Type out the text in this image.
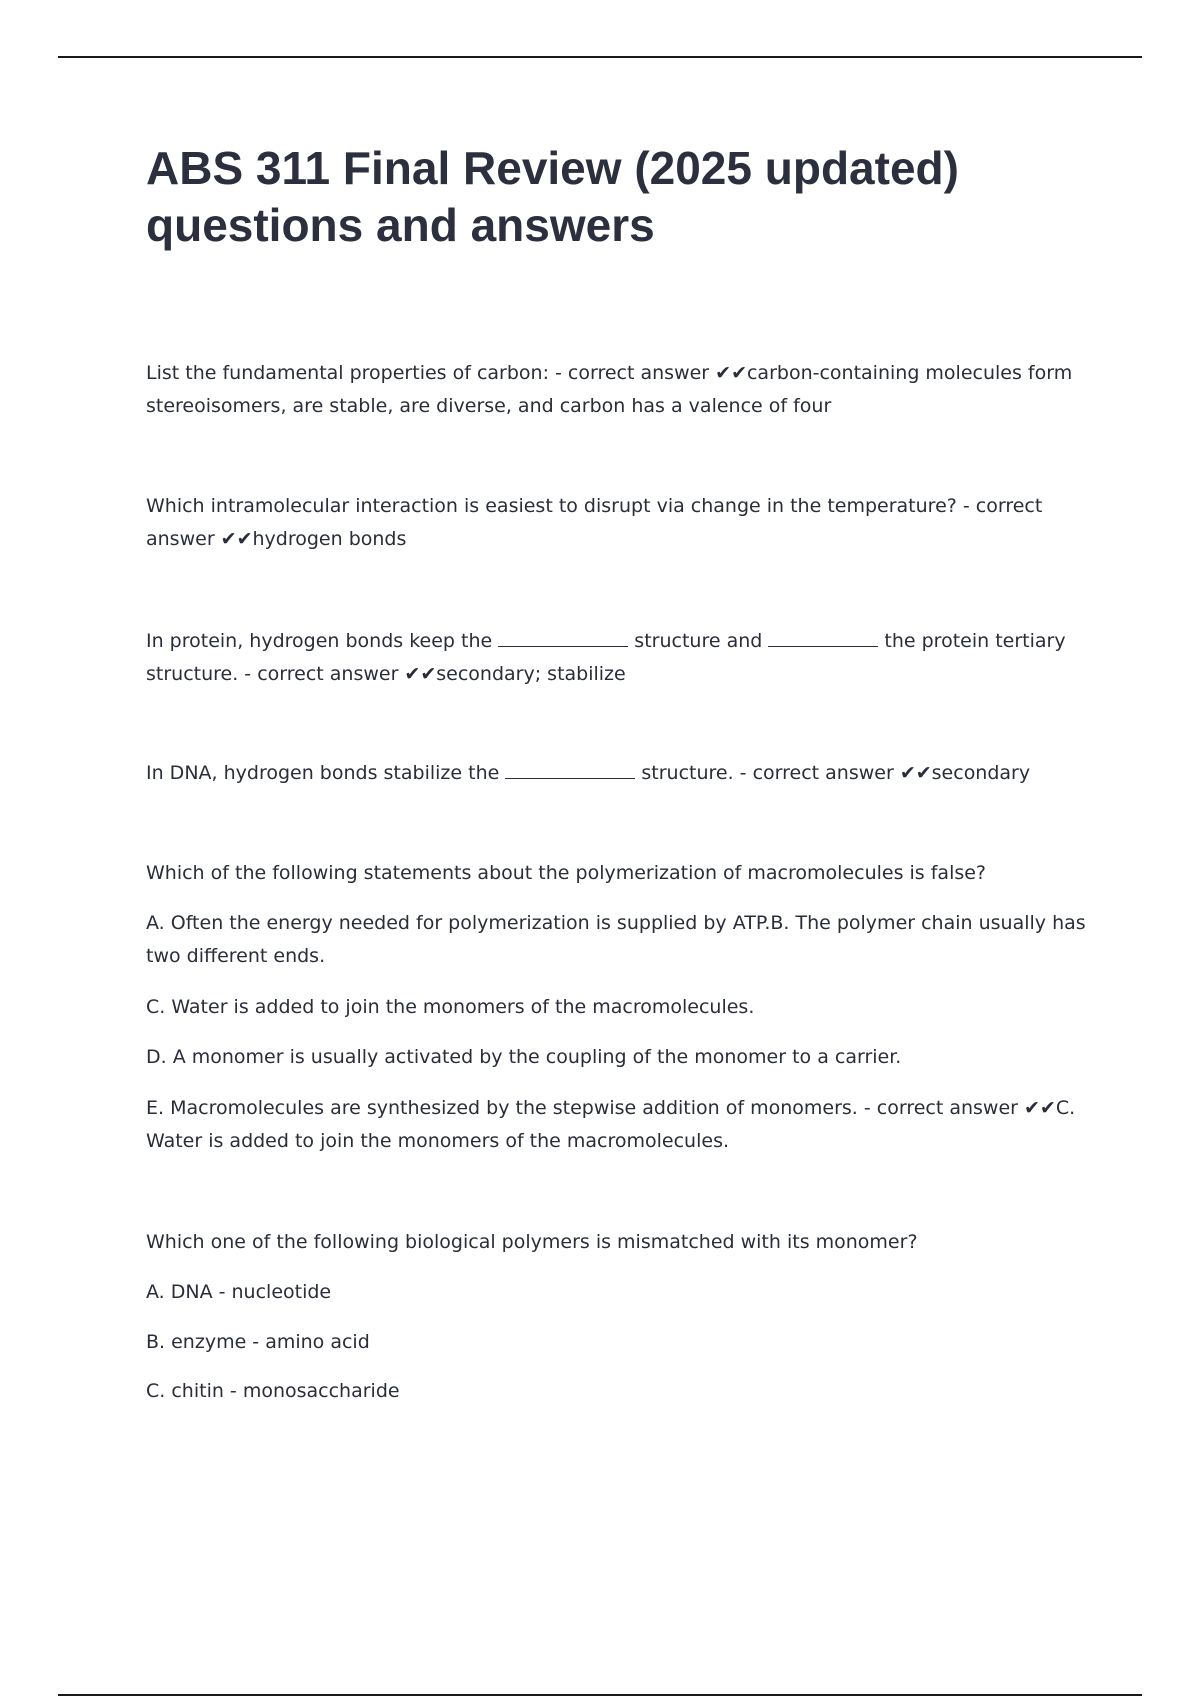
ABS 311 Final Review (2025 updated) questions and answers

List the fundamental properties of carbon: - correct answer ✔✔carbon-containing molecules form stereoisomers, are stable, are diverse, and carbon has a valence of four

Which intramolecular interaction is easiest to disrupt via change in the temperature? - correct answer ✔✔hydrogen bonds

In protein, hydrogen bonds keep the	structure and	the protein tertiary structure. - correct answer ✔✔secondary; stabilize

In DNA, hydrogen bonds stabilize the	structure. - correct answer ✔✔secondary

Which of the following statements about the polymerization of macromolecules is false?

A. Often the energy needed for polymerization is supplied by ATP.B. The polymer chain usually has two different ends.

C. Water is added to join the monomers of the macromolecules.

D. A monomer is usually activated by the coupling of the monomer to a carrier.

E. Macromolecules are synthesized by the stepwise addition of monomers. - correct answer ✔✔C. Water is added to join the monomers of the macromolecules.

Which one of the following biological polymers is mismatched with its monomer?

A. DNA - nucleotide

B. enzyme - amino acid

C. chitin - monosaccharide
